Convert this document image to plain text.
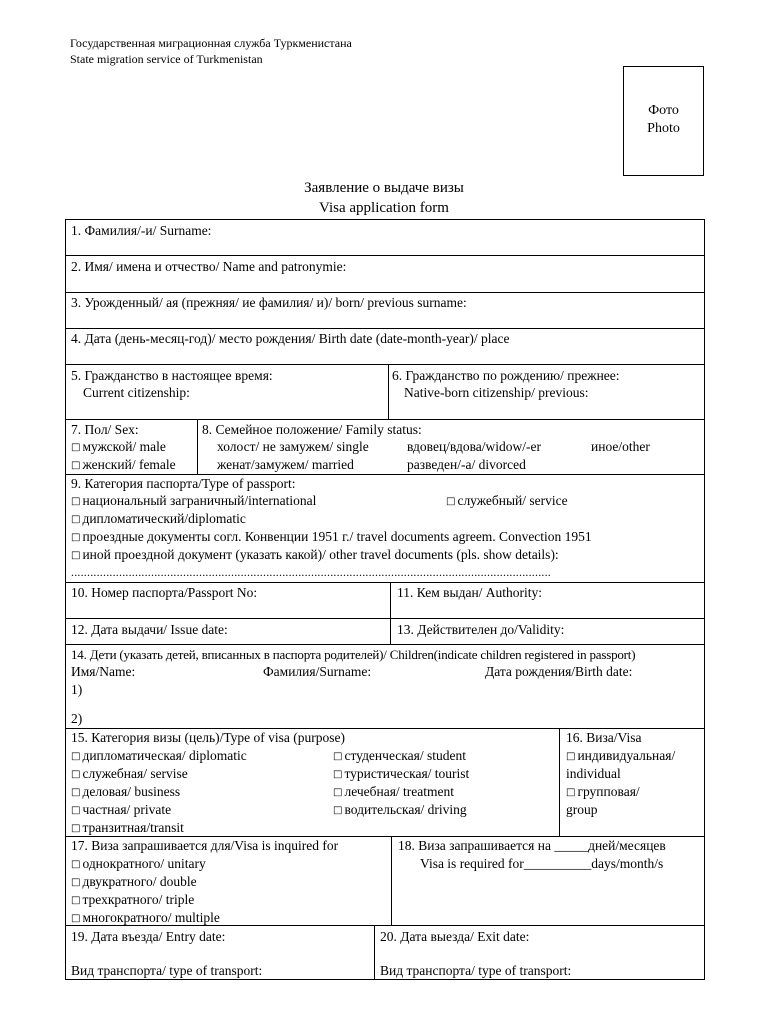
Государственная миграционная служба Туркменистана
State migration service of Turkmenistan
Фото
Photo
Заявление о выдаче визы
Visa application form
1. Фамилия/-и/ Surname:
2. Имя/ имена и отчество/ Name and patronymie:
3. Урожденный/ ая (прежняя/ ие фамилия/ и)/ born/ previous surname:
4. Дата (день-месяц-год)/ место рождения/ Birth date (date-month-year)/ place
5. Гражданство в настоящее время:
Current citizenship:
6. Гражданство по рождению/ прежнее:
Native-born citizenship/ previous:
7. Пол/ Sex:
□ мужской/ male
□ женский/ female
8. Семейное положение/ Family status:
холост/ не замужем/ single
женат/замужем/ married
вдовец/вдова/widow/-er
разведен/-а/ divorced
иное/other
9. Категория паспорта/Type of passport:
□ национальный заграничный/international	□ служебный/ service
□ дипломатический/diplomatic
□ проездные документы согл. Конвенции 1951 г./ travel documents agreem. Convection 1951
□ иной проездной документ (указать какой)/ other travel documents (pls. show details):
......................................................................................................................................................
10. Номер паспорта/Passport No:	11. Кем выдан/ Authority:
12. Дата выдачи/ Issue date:	13. Действителен до/Validity:
14. Дети (указать детей, вписанных в паспорта родителей)/ Children(indicate children registered in passport)
Имя/Name:	Фамилия/Surname:	Дата рождения/Birth date:
1)
2)
15. Категория визы (цель)/Type of visa (purpose)
□ дипломатическая/ diplomatic
□ служебная/ servise
□ деловая/ business
□ частная/ private
□ транзитная/transit
□ студенческая/ student
□ туристическая/ tourist
□ лечебная/ treatment
□ водительская/ driving
16. Виза/Visa
□ индивидуальная/
individual
□ групповая/
group
17. Виза запрашивается для/Visa is inquired for
□ однократного/ unitary
□ двукратного/ double
□ трехкратного/ triple
□ многократного/ multiple
18. Виза запрашивается на _____дней/месяцев
Visa is required for__________days/month/s
19. Дата въезда/ Entry date:
Вид транспорта/ type of transport:
20. Дата выезда/ Exit date:
Вид транспорта/ type of transport:
